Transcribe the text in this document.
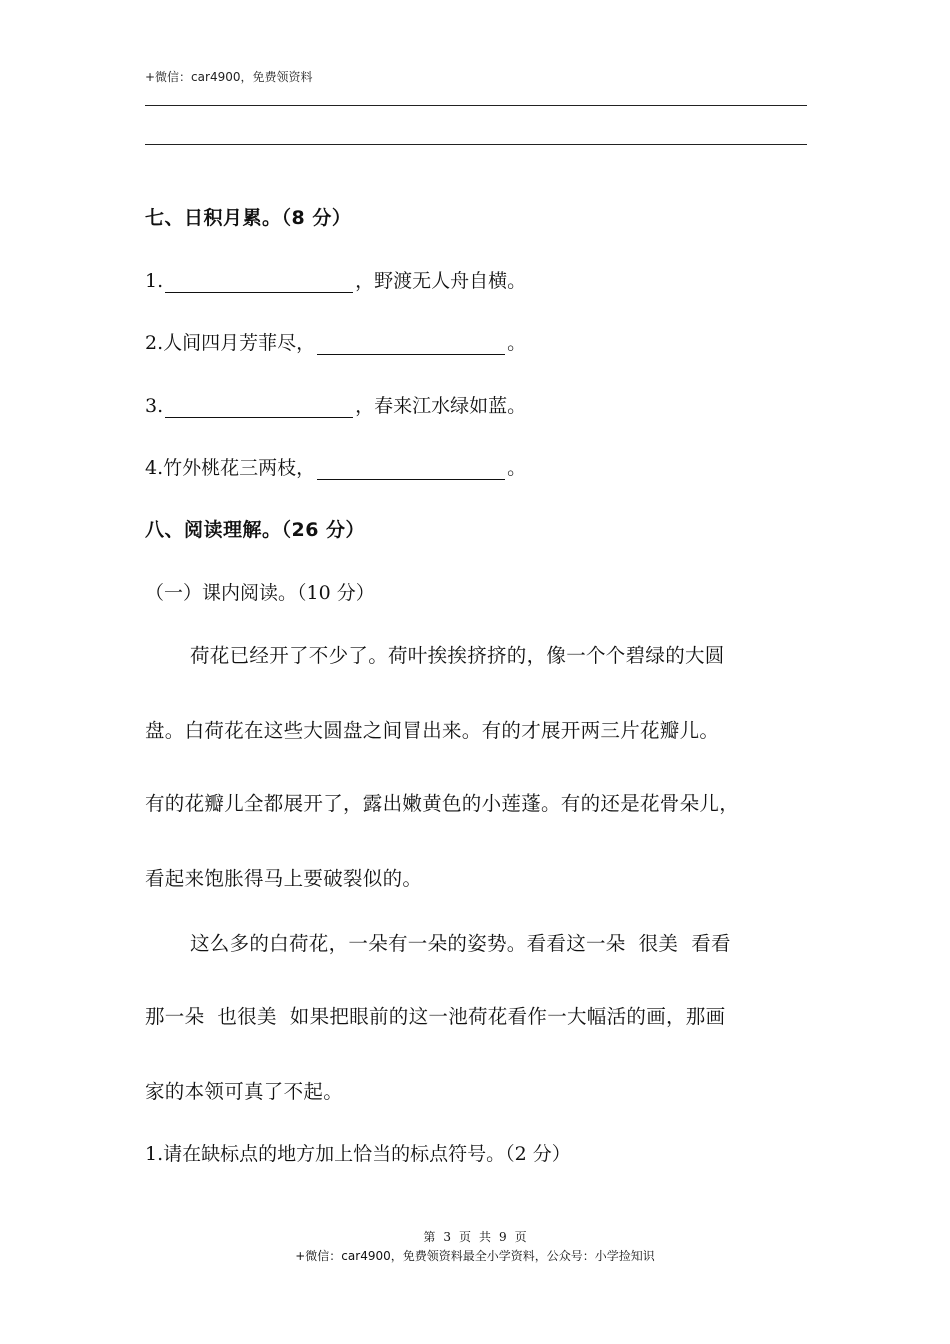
+微信：car4900，免费领资料
七、日积月累。（8 分）
1.	，野渡无人舟自横。
2.人间四月芳菲尽，	。
3.	，春来江水绿如蓝。
4.竹外桃花三两枝，	。
八、阅读理解。（26 分）
（一）课内阅读。（10 分）
荷花已经开了不少了。荷叶挨挨挤挤的，像一个个碧绿的大圆
盘。白荷花在这些大圆盘之间冒出来。有的才展开两三片花瓣儿。
有的花瓣儿全都展开了，露出嫩黄色的小莲蓬。有的还是花骨朵儿，
看起来饱胀得马上要破裂似的。
这么多的白荷花，一朵有一朵的姿势。看看这一朵  很美  看看
那一朵  也很美  如果把眼前的这一池荷花看作一大幅活的画，那画
家的本领可真了不起。
1.请在缺标点的地方加上恰当的标点符号。（2 分）
第 3 页 共 9 页
+微信：car4900，免费领资料最全小学资料，公众号：小学捡知识
